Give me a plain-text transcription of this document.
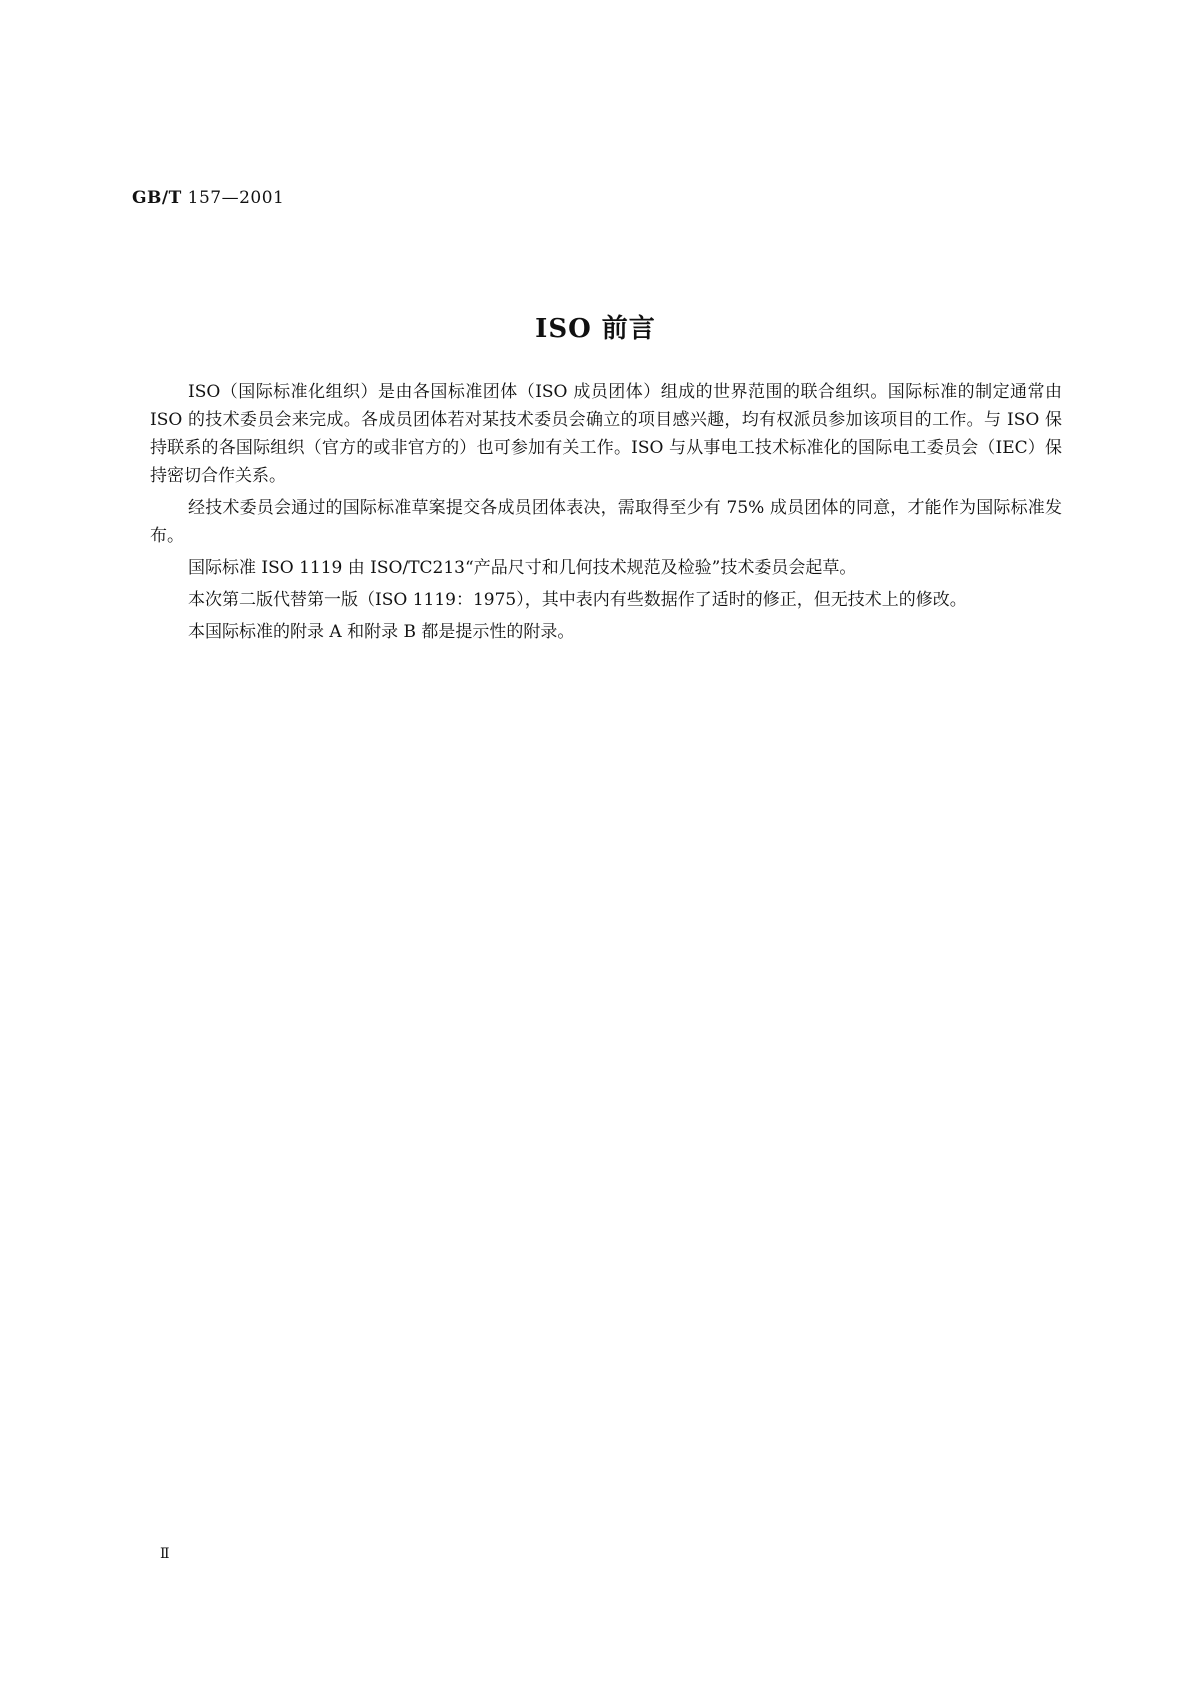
GB/T 157—2001
ISO 前言

ISO（国际标准化组织）是由各国标准团体（ISO 成员团体）组成的世界范围的联合组织。国际标准的制定通常由 ISO 的技术委员会来完成。各成员团体若对某技术委员会确立的项目感兴趣，均有权派员参加该项目的工作。与 ISO 保持联系的各国际组织（官方的或非官方的）也可参加有关工作。ISO 与从事电工技术标准化的国际电工委员会（IEC）保持密切合作关系。

经技术委员会通过的国际标准草案提交各成员团体表决，需取得至少有 75% 成员团体的同意，才能作为国际标准发布。

国际标准 ISO 1119 由 ISO/TC213“产品尺寸和几何技术规范及检验”技术委员会起草。

本次第二版代替第一版（ISO 1119：1975），其中表内有些数据作了适时的修正，但无技术上的修改。

本国际标准的附录 A 和附录 B 都是提示性的附录。

Ⅱ
